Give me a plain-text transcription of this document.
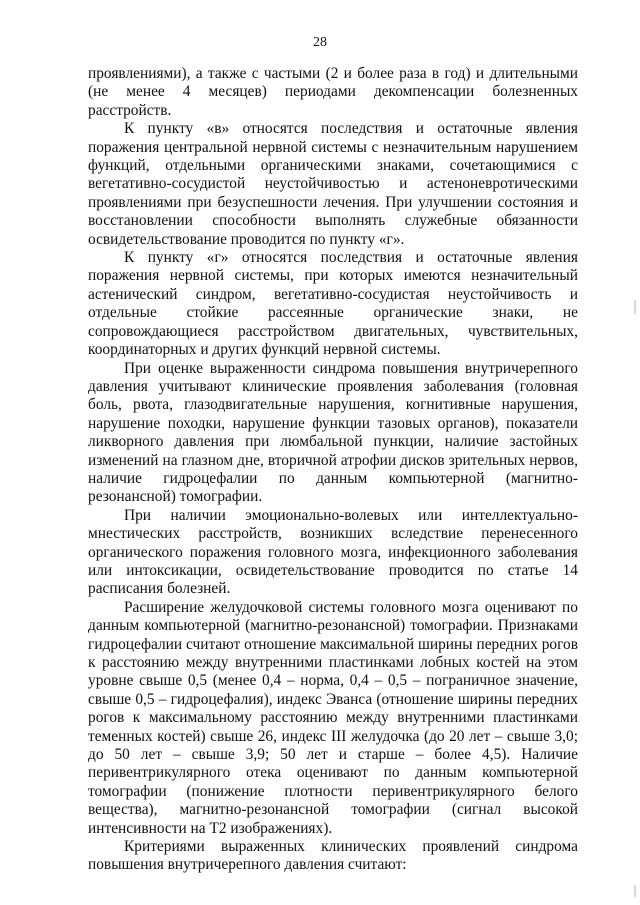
28

проявлениями), а также с частыми (2 и более раза в год) и длительными (не менее 4 месяцев) периодами декомпенсации болезненных расстройств.

К пункту «в» относятся последствия и остаточные явления поражения центральной нервной системы с незначительным нарушением функций, отдельными органическими знаками, сочетающимися с вегетативно-сосудистой неустойчивостью и астеноневротическими проявлениями при безуспешности лечения. При улучшении состояния и восстановлении способности выполнять служебные обязанности освидетельствование проводится по пункту «г».

К пункту «г» относятся последствия и остаточные явления поражения нервной системы, при которых имеются незначительный астенический синдром, вегетативно-сосудистая неустойчивость и отдельные стойкие рассеянные органические знаки, не сопровождающиеся расстройством двигательных, чувствительных, координаторных и других функций нервной системы.

При оценке выраженности синдрома повышения внутричерепного давления учитывают клинические проявления заболевания (головная боль, рвота, глазодвигательные нарушения, когнитивные нарушения, нарушение походки, нарушение функции тазовых органов), показатели ликворного давления при люмбальной пункции, наличие застойных изменений на глазном дне, вторичной атрофии дисков зрительных нервов, наличие гидроцефалии по данным компьютерной (магнитно-резонансной) томографии.

При наличии эмоционально-волевых или интеллектуально-мнестических расстройств, возникших вследствие перенесенного органического поражения головного мозга, инфекционного заболевания или интоксикации, освидетельствование проводится по статье 14 расписания болезней.

Расширение желудочковой системы головного мозга оценивают по данным компьютерной (магнитно-резонансной) томографии. Признаками гидроцефалии считают отношение максимальной ширины передних рогов к расстоянию между внутренними пластинками лобных костей на этом уровне свыше 0,5 (менее 0,4 – норма, 0,4 – 0,5 – пограничное значение, свыше 0,5 – гидроцефалия), индекс Эванса (отношение ширины передних рогов к максимальному расстоянию между внутренними пластинками теменных костей) свыше 26, индекс III желудочка (до 20 лет – свыше 3,0; до 50 лет – свыше 3,9; 50 лет и старше – более 4,5). Наличие перивентрикулярного отека оценивают по данным компьютерной томографии (понижение плотности перивентрикулярного белого вещества), магнитно-резонансной томографии (сигнал высокой интенсивности на Т2 изображениях).

Критериями выраженных клинических проявлений синдрома повышения внутричерепного давления считают:
